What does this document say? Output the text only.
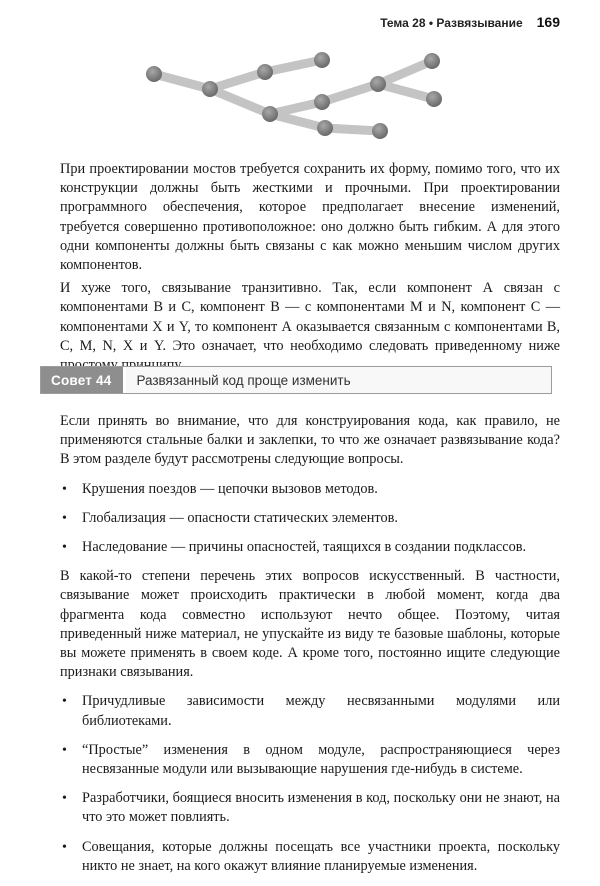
Тема 28 • Развязывание 169

При проектировании мостов требуется сохранить их форму, помимо того, что их конструкции должны быть жесткими и прочными. При проектировании программного обеспечения, которое предполагает внесение изменений, требуется совершенно противоположное: оно должно быть гибким. А для этого одни компоненты должны быть связаны с как можно меньшим числом других компонентов.

И хуже того, связывание транзитивно. Так, если компонент А связан с компонентами В и С, компонент В — с компонентами M и N, компонент С — компонентами X и Y, то компонент А оказывается связанным с компонентами В, С, M, N, X и Y. Это означает, что необходимо следовать приведенному ниже

Совет 44	Развязанный код проще изменить

Если принять во внимание, что для конструирования кода, как правило, не применяются стальные балки и заклепки, то что же означает развязывание кода? В этом разделе будут рассмотрены следующие вопросы.

• Крушения поездов — цепочки вызовов методов.
• Глобализация — опасности статических элементов.
• Наследование — причины опасностей, таящихся в создании подклассов.

В какой-то степени перечень этих вопросов искусственный. В частности, связывание может происходить практически в любой момент, когда два фрагмента кода совместно используют нечто общее. Поэтому, читая приведенный ниже материал, не упускайте из виду те базовые шаблоны, которые вы можете применять в своем коде. А кроме того, постоянно ищите следующие признаки связывания.

• Причудливые зависимости между несвязанными модулями или библиотеками.
• “Простые” изменения в одном модуле, распространяющиеся через несвязанные модули или вызывающие нарушения где-нибудь в системе.
• Разработчики, боящиеся вносить изменения в код, поскольку они не знают, на что это может повлиять.
• Совещания, которые должны посещать все участники проекта, поскольку никто не знает, на кого окажут влияние планируемые изменения.
